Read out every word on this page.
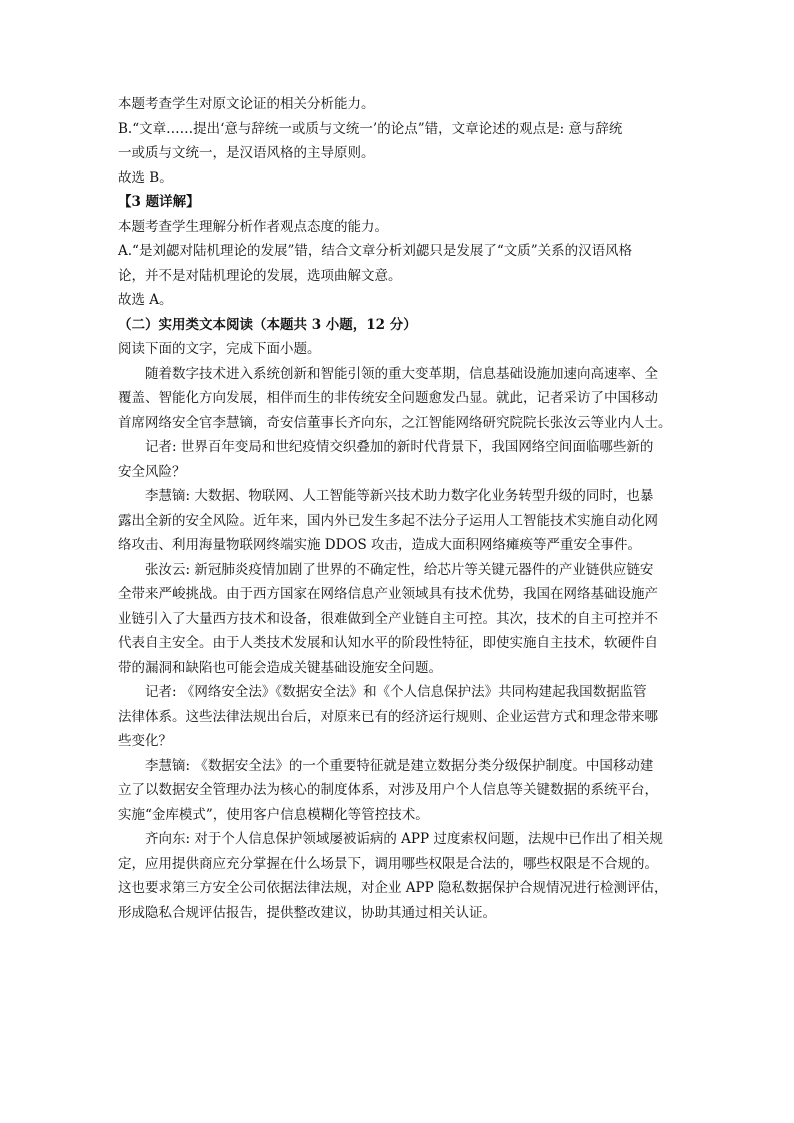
本题考查学生对原文论证的相关分析能力。

B.“文章……提出‘意与辞统一或质与文统一’的论点”错，文章论述的观点是: 意与辞统

一或质与文统一，是汉语风格的主导原则。

故选 B。

【3 题详解】

本题考查学生理解分析作者观点态度的能力。

A.“是刘勰对陆机理论的发展”错，结合文章分析刘勰只是发展了“文质”关系的汉语风格

论，并不是对陆机理论的发展，选项曲解文意。

故选 A。

（二）实用类文本阅读（本题共 3 小题，12 分）

阅读下面的文字，完成下面小题。

随着数字技术进入系统创新和智能引领的重大变革期，信息基础设施加速向高速率、全

覆盖、智能化方向发展，相伴而生的非传统安全问题愈发凸显。就此，记者采访了中国移动

首席网络安全官李慧镝，奇安信董事长齐向东，之江智能网络研究院院长张汝云等业内人士。

记者: 世界百年变局和世纪疫情交织叠加的新时代背景下，我国网络空间面临哪些新的

安全风险？

李慧镝: 大数据、物联网、人工智能等新兴技术助力数字化业务转型升级的同时，也暴

露出全新的安全风险。近年来，国内外已发生多起不法分子运用人工智能技术实施自动化网

络攻击、利用海量物联网终端实施 DDOS 攻击，造成大面积网络瘫痪等严重安全事件。

张汝云: 新冠肺炎疫情加剧了世界的不确定性，给芯片等关键元器件的产业链供应链安

全带来严峻挑战。由于西方国家在网络信息产业领域具有技术优势，我国在网络基础设施产

业链引入了大量西方技术和设备，很难做到全产业链自主可控。其次，技术的自主可控并不

代表自主安全。由于人类技术发展和认知水平的阶段性特征，即使实施自主技术，软硬件自

带的漏洞和缺陷也可能会造成关键基础设施安全问题。

记者: 《网络安全法》《数据安全法》和《个人信息保护法》共同构建起我国数据监管

法律体系。这些法律法规出台后，对原来已有的经济运行规则、企业运营方式和理念带来哪

些变化？

李慧镝: 《数据安全法》的一个重要特征就是建立数据分类分级保护制度。中国移动建

立了以数据安全管理办法为核心的制度体系，对涉及用户个人信息等关键数据的系统平台，

实施“金库模式”，使用客户信息模糊化等管控技术。

齐向东: 对于个人信息保护领域屡被诟病的 APP 过度索权问题，法规中已作出了相关规

定，应用提供商应充分掌握在什么场景下，调用哪些权限是合法的，哪些权限是不合规的。

这也要求第三方安全公司依据法律法规，对企业 APP 隐私数据保护合规情况进行检测评估，

形成隐私合规评估报告，提供整改建议，协助其通过相关认证。
